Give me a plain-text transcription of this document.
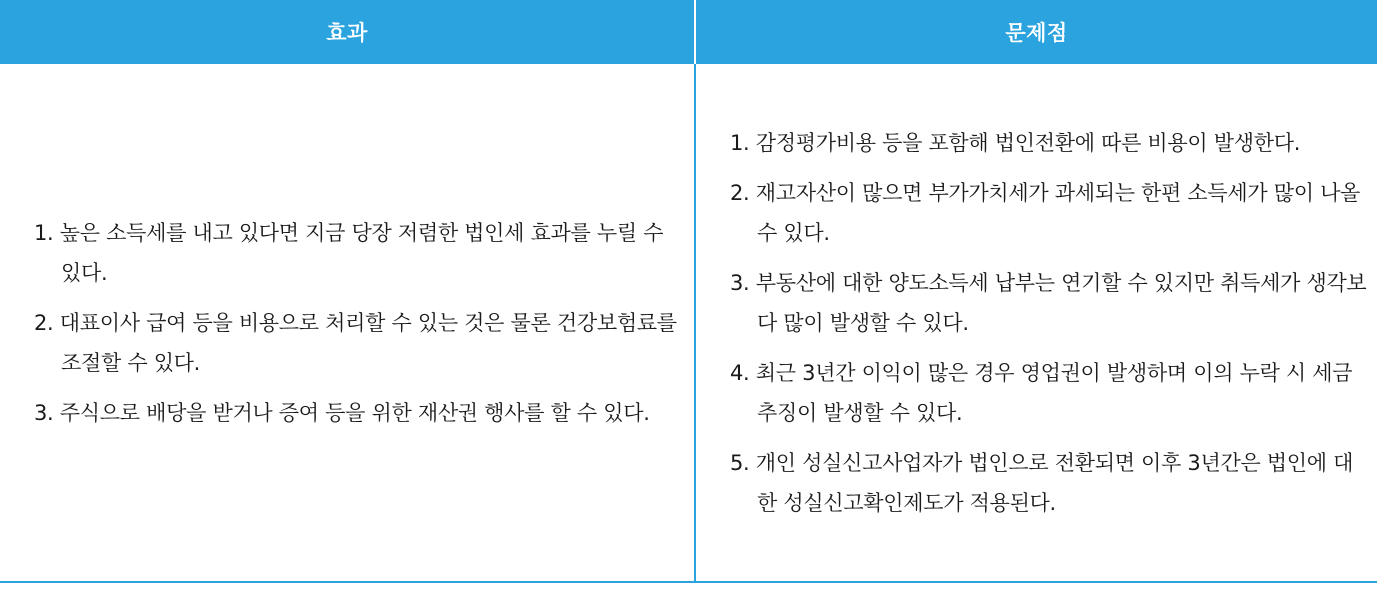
효과	문제점
1. 높은 소득세를 내고 있다면 지금 당장 저렴한 법인세 효과를 누릴 수 있다.
2. 대표이사 급여 등을 비용으로 처리할 수 있는 것은 물론 건강보험료를 조절할 수 있다.
3. 주식으로 배당을 받거나 증여 등을 위한 재산권 행사를 할 수 있다.
1. 감정평가비용 등을 포함해 법인전환에 따른 비용이 발생한다.
2. 재고자산이 많으면 부가가치세가 과세되는 한편 소득세가 많이 나올 수 있다.
3. 부동산에 대한 양도소득세 납부는 연기할 수 있지만 취득세가 생각보다 많이 발생할 수 있다.
4. 최근 3년간 이익이 많은 경우 영업권이 발생하며 이의 누락 시 세금추징이 발생할 수 있다.
5. 개인 성실신고사업자가 법인으로 전환되면 이후 3년간은 법인에 대한 성실신고확인제도가 적용된다.
